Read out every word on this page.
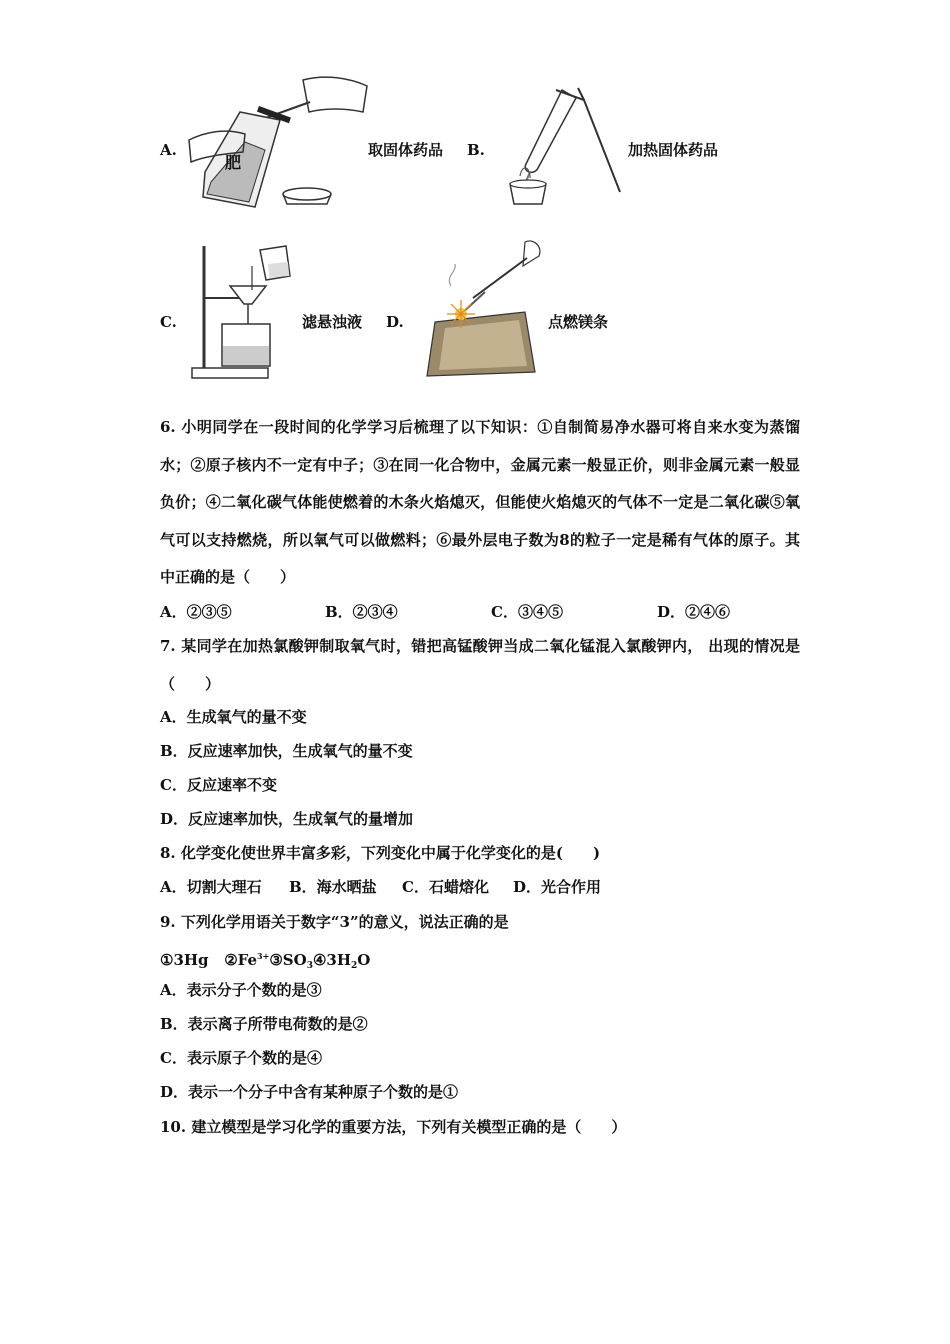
A.
肥
取固体药品 B.	加热固体药品
C.	滤悬浊液 D.	点燃镁条
6. 小明同学在一段时间的化学学习后梳理了以下知识：①自制简易净水器可将自来水变为蒸馏水；②原子核内不一定有中子；③在同一化合物中，金属元素一般显正价，则非金属元素一般显负价；④二氧化碳气体能使燃着的木条火焰熄灭，但能使火焰熄灭的气体不一定是二氧化碳⑤氧气可以支持燃烧，所以氧气可以做燃料；⑥最外层电子数为8的粒子一定是稀有气体的原子。其中正确的是（　　）
A．②③⑤	B．②③④	C．③④⑤	D．②④⑥
7. 某同学在加热氯酸钾制取氧气时，错把高锰酸钾当成二氧化锰混入氯酸钾内， 出现的情况是（　　）
A．生成氧气的量不变
B．反应速率加快，生成氧气的量不变
C．反应速率不变
D．反应速率加快，生成氧气的量增加
8. 化学变化使世界丰富多彩，下列变化中属于化学变化的是(　　)
A．切割大理石 B．海水晒盐 C．石蜡熔化 D．光合作用
9. 下列化学用语关于数字“3”的意义，说法正确的是
①3Hg $②Fe^{3+}③SO_3④3H_2O$
A．表示分子个数的是③
B．表示离子所带电荷数的是②
C．表示原子个数的是④
D．表示一个分子中含有某种原子个数的是①
10. 建立模型是学习化学的重要方法，下列有关模型正确的是（　　）
